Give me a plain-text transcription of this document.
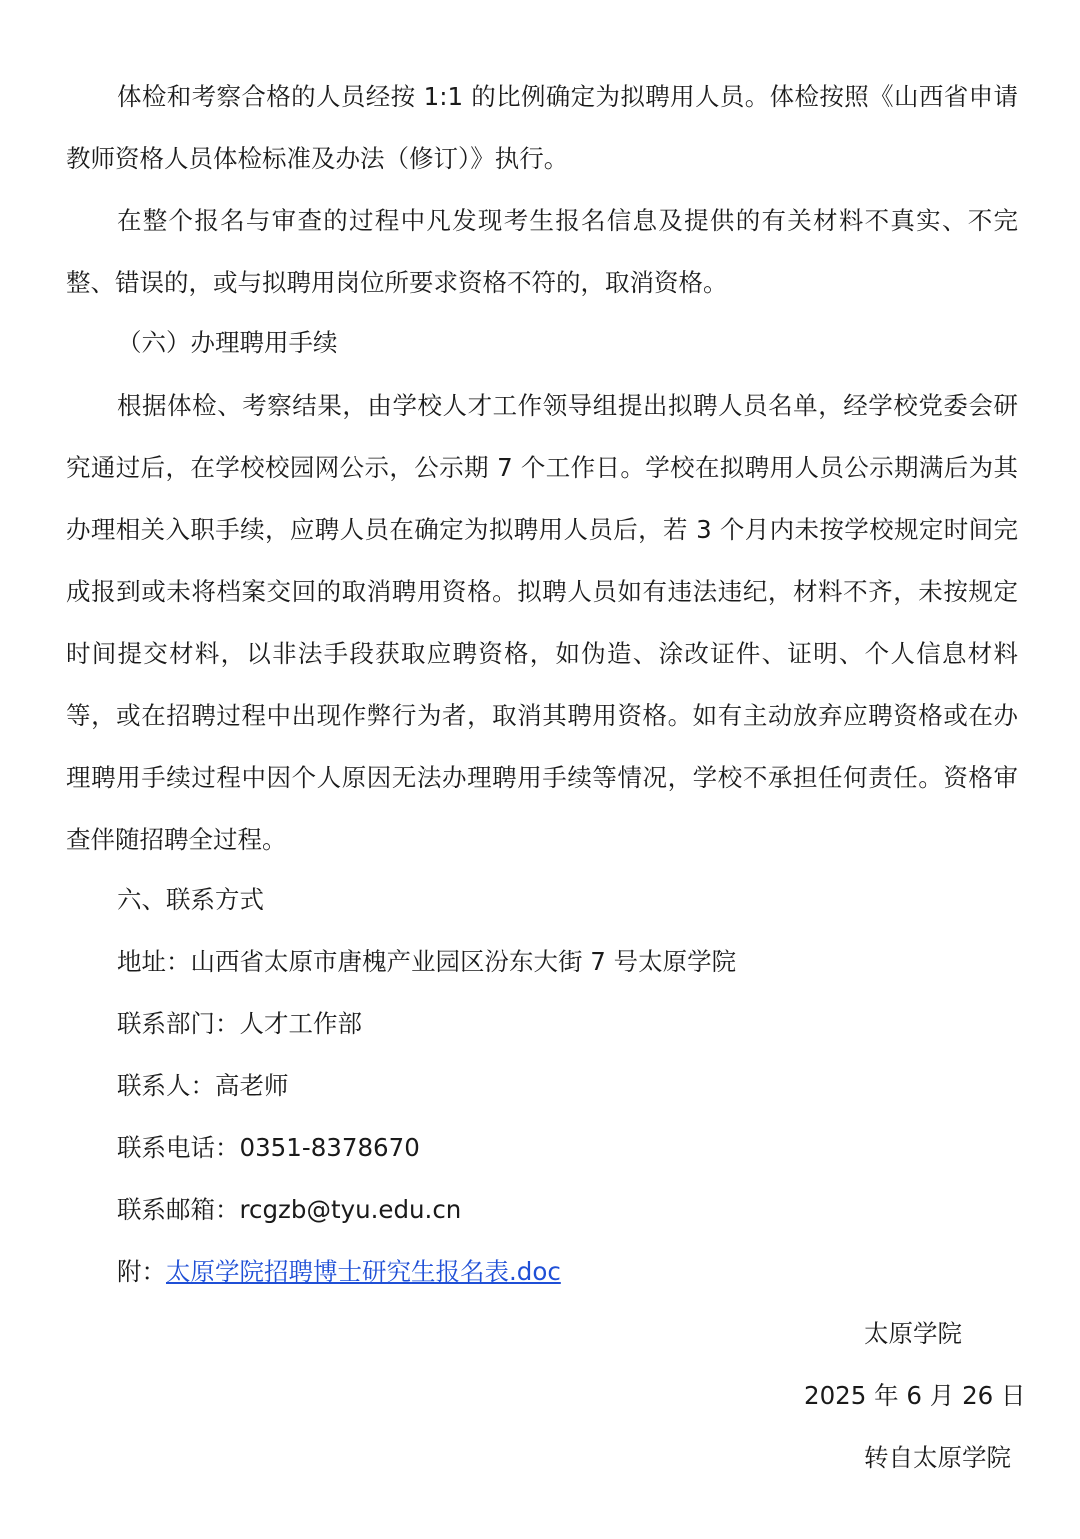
体检和考察合格的人员经按 1:1 的比例确定为拟聘用人员。体检按照《山西省申请教师资格人员体检标准及办法（修订）》执行。

在整个报名与审查的过程中凡发现考生报名信息及提供的有关材料不真实、不完整、错误的，或与拟聘用岗位所要求资格不符的，取消资格。

（六）办理聘用手续

根据体检、考察结果，由学校人才工作领导组提出拟聘人员名单，经学校党委会研究通过后，在学校校园网公示，公示期 7 个工作日。学校在拟聘用人员公示期满后为其办理相关入职手续，应聘人员在确定为拟聘用人员后，若 3 个月内未按学校规定时间完成报到或未将档案交回的取消聘用资格。拟聘人员如有违法违纪，材料不齐，未按规定时间提交材料，以非法手段获取应聘资格，如伪造、涂改证件、证明、个人信息材料等，或在招聘过程中出现作弊行为者，取消其聘用资格。如有主动放弃应聘资格或在办理聘用手续过程中因个人原因无法办理聘用手续等情况，学校不承担任何责任。资格审查伴随招聘全过程。

六、联系方式
地址：山西省太原市唐槐产业园区汾东大街 7 号太原学院
联系部门：人才工作部
联系人：高老师
联系电话：0351-8378670
联系邮箱：rcgzb@tyu.edu.cn
附：太原学院招聘博士研究生报名表.doc
太原学院
2025 年 6 月 26 日
转自太原学院
